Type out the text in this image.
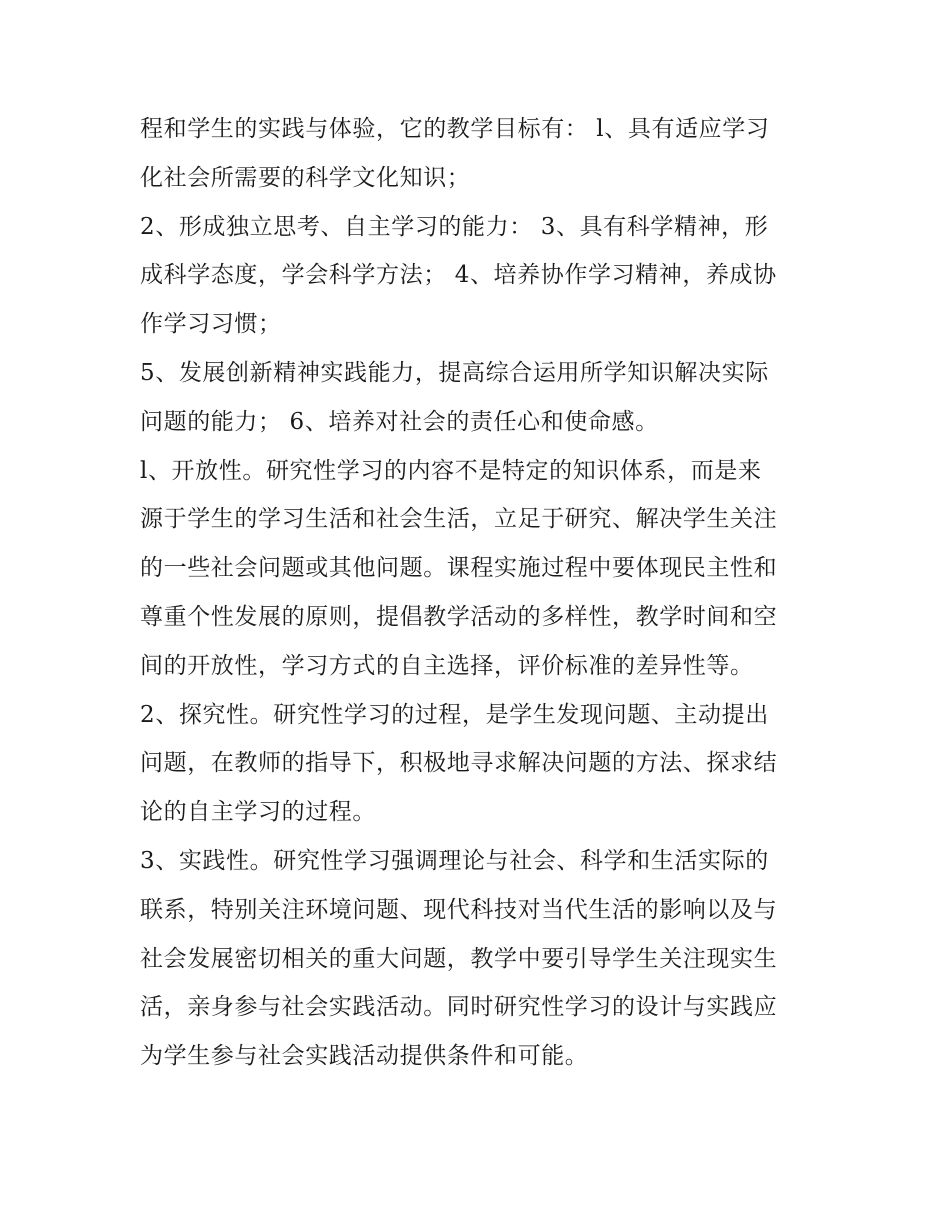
程和学生的实践与体验，它的教学目标有： l、具有适应学习
化社会所需要的科学文化知识；
2、形成独立思考、自主学习的能力： 3、具有科学精神，形
成科学态度，学会科学方法； 4、培养协作学习精神，养成协
作学习习惯；
5、发展创新精神实践能力，提高综合运用所学知识解决实际
问题的能力； 6、培养对社会的责任心和使命感。
l、开放性。研究性学习的内容不是特定的知识体系，而是来
源于学生的学习生活和社会生活，立足于研究、解决学生关注
的一些社会问题或其他问题。课程实施过程中要体现民主性和
尊重个性发展的原则，提倡教学活动的多样性，教学时间和空
间的开放性，学习方式的自主选择，评价标准的差异性等。
2、探究性。研究性学习的过程，是学生发现问题、主动提出
问题，在教师的指导下，积极地寻求解决问题的方法、探求结
论的自主学习的过程。
3、实践性。研究性学习强调理论与社会、科学和生活实际的
联系，特别关注环境问题、现代科技对当代生活的影响以及与
社会发展密切相关的重大问题，教学中要引导学生关注现实生
活，亲身参与社会实践活动。同时研究性学习的设计与实践应
为学生参与社会实践活动提供条件和可能。
